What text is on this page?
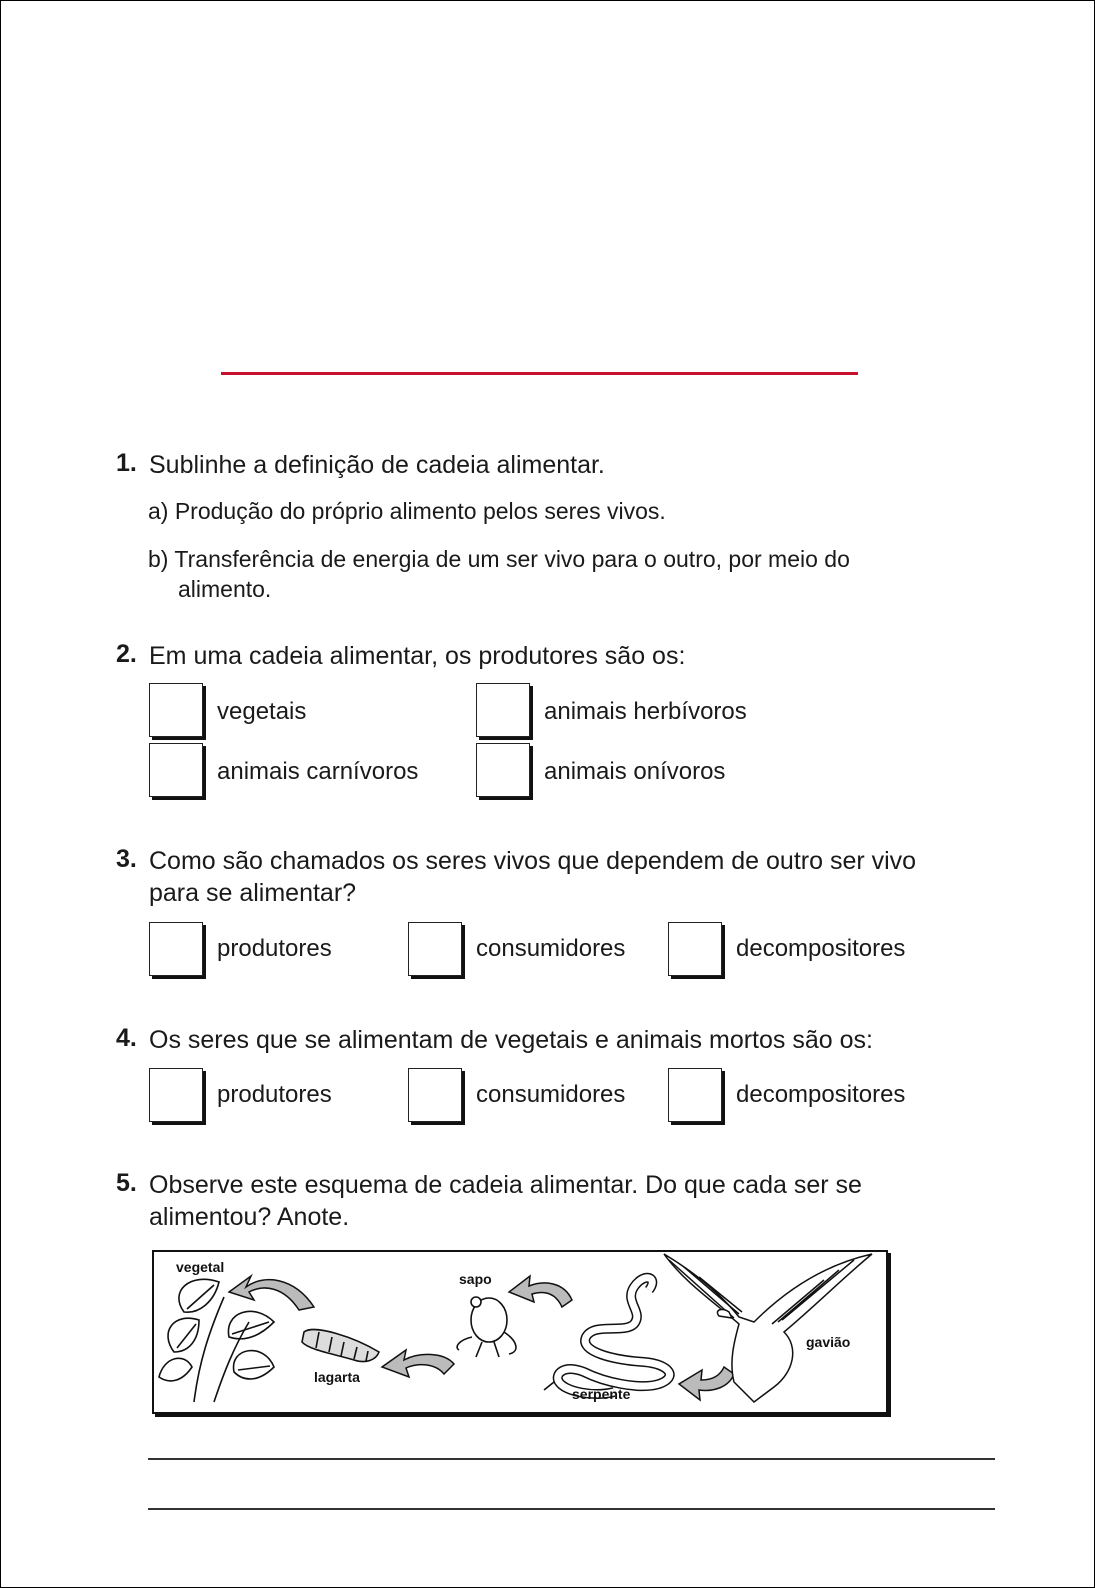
1. Sublinhe a definição de cadeia alimentar.
a) Produção do próprio alimento pelos seres vivos.
b) Transferência de energia de um ser vivo para o outro, por meio do alimento.
2. Em uma cadeia alimentar, os produtores são os:
vegetais	animais herbívoros
animais carnívoros	animais onívoros
3. Como são chamados os seres vivos que dependem de outro ser vivo para se alimentar?
produtores	consumidores	decompositores
4. Os seres que se alimentam de vegetais e animais mortos são os:
produtores	consumidores	decompositores
5. Observe este esquema de cadeia alimentar. Do que cada ser se alimentou? Anote.
vegetal
lagarta
sapo
serpente
gavião
